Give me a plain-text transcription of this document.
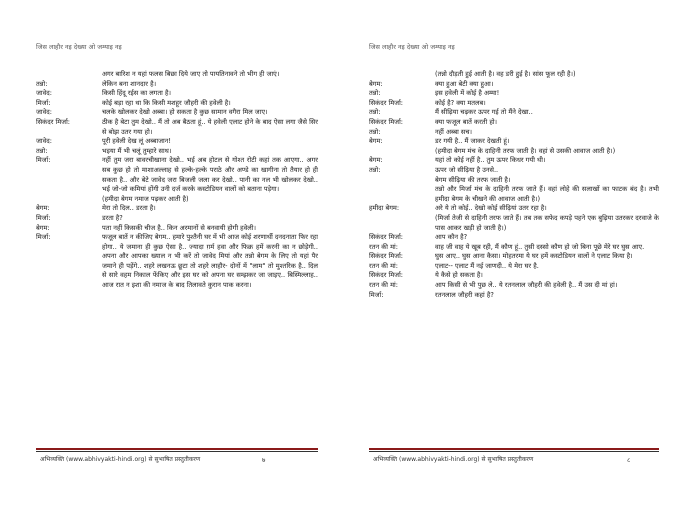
जिस लाहौर नइ देख्या ओ जम्याइ नइ
अगर बारिश न यहां फलस बिछा दिये जाए तो पायतिनावने तो भीग ही जाएं।
तन्नो:	लेकिन बना शानदार है।
जावेद:	किसी हिंदू रईस का लगता है।
मिर्जा:	कोई बड़ा रहा था कि किसी मशहूर जौहरी की हवेली है।
जावेद:	चलके खोलकर देखो अब्बा। हो सकता है कुछ सामान वगैरा मिल जाए।
सिकंदर मिर्जा:	ठीक है बेटा तुम देखो.. मैं तो अब बैठता हूं.. ये हवेली एलाट होने के बाद ऐसा लगा जैसे सिर से बोझ उतर गया हो।
जावेद:	पूरी हवेली देख लूं अब्बाजान!
तन्नो:	भइया मैं भी चलूं तुम्हारे साथ।
मिर्जा:	नहीं तुम जरा बावरचीखाना देखो.. भई अब होटल से गोश्त रोटी कहां तक आएगा.. अगर सब कुछ हो तो माशाअल्लाह से हल्के-हल्के पराठे और अण्डे का खागीना तो तैयार हो ही सकता है.. और बेटे जावेद जरा बिजली जला कर देखो.. पानी का नल भी खोलकर देखो.. भई जो-जो कमियां होंगी उनी दर्ज करके कस्टोडियन वालों को बताना पड़ेगा।
(हमीदा बेगम नमाज पढ़कर आती है)
बेगम:	मेरा तो दिल.. डरता है।
मिर्जा:	डरता है?
बेगम:	पता नहीं किसकी चीज है.. किन अरमानों से बनवायी होगी हवेली।
मिर्जा:	फजूल बातें न कीजिए बेगम.. हमारे पुश्तैनी घर में भी आज कोई शरणार्थी दनदनाता फिर रहा होगा.. ये जमाना ही कुछ ऐसा है.. ज्यादा ग़र्म हवा और फिक्र हमें करनी का न छोड़ेगी.. अपना और आपका ख्याल न भी करें तो जावेद मियां और तन्नो बेगम के लिए तो यहां पैर जमाने ही पड़ेंगे.. शहरे लखनऊ छूटा तो शहरे लाहौर- दोनों में "लाम" तो मुश्तरिक है.. दिल से सारे वहम निकाल फेंकिए और इस घर को अपना घर सम्झकर जा जाइए.. बिस्मिल्लाह.. आज रात न इशा की नमाज के बाद तिलावते कुरान पाक करना।
अभिव्यक्ति (www.abhivyakti-hindi.org) से सुभाषित प्रस्तुतीकरण	७
जिस लाहौर नइ देख्या ओ जम्याइ नइ
(तन्नो दौड़ती हुई आती है। वह डरी हुई है। सांस फूल रही है।)
बेगम:	क्या हुआ बेटी क्या हुआ।
तन्नो:	इस हवेली में कोई है अम्मा!
सिकंदर मिर्जा:	कोई है? क्या मतलब।
तन्नो:	मैं सीढ़िया चढ़कर ऊपर गई तो मैंने देखा..
सिकंदर मिर्जा:	क्या फजूल बातें करती हो।
तन्नो:	नहीं अब्बा सच।
बेगम:	डर गयी है.. मैं जाकर देखती हूं।
(हमीदा बेगम मंच के दाहिनी तरफ जाती है। वहां से उसकी आवाज आती है।)
बेगम:	यहां तो कोई नहीं है.. तुम ऊपर किधर गयी थी।
तन्नो:	ऊपर जो सीढ़िया है उनसे..
बेगम सीढ़िया की तरफ जाती है।
तन्नो और मिर्जा मंच के दाहिनी तरफ जाते हैं। वहां लोहे की सलाखों का फाटक बंद है। तभी हमीदा बेगम के चीखने की आवाज आती है।)
हमीदा बेगम:	अरे ये तो कोई.. देखो कोई सीढ़ियां उतर रहा है।
(मिर्जा तेजी से दाहिनी तरफ जाते हैं। तब तक सफेद कपड़े पहने एक बुढ़िया उतरकर दरवाजे के पास आकर खड़ी हो जाती है।)
सिकंदर मिर्जा:	आप कौन है?
रतन की मां:	वाह जी वाह ये खूब रही, मैं कौण हूं.. तुसी दस्सो कौण हो जो बिना पूछे मेरे घर घुस आए.
सिकंदर मिर्जा:	घुस आए.. घुस आना कैसा। मोहतरमा ये घर हमें कस्टोडियन वालों ने एलाट किया है।
रतन की मां:	एलाट-- एलाट मैं नई जाणदी.. ये मेरा घर है.
सिकंदर मिर्जा:	ये कैसे हो सकता है।
रतन की मां:	आप किसी से भी पुछ ले.. ये रतनलाल जौहरी की हवेली है.. मैं उस दी मां हां।
मिर्जा:	रतनलाल जौहरी कहां है?
अभिव्यक्ति (www.abhivyakti-hindi.org) से सुभाषित प्रस्तुतीकरण	८
